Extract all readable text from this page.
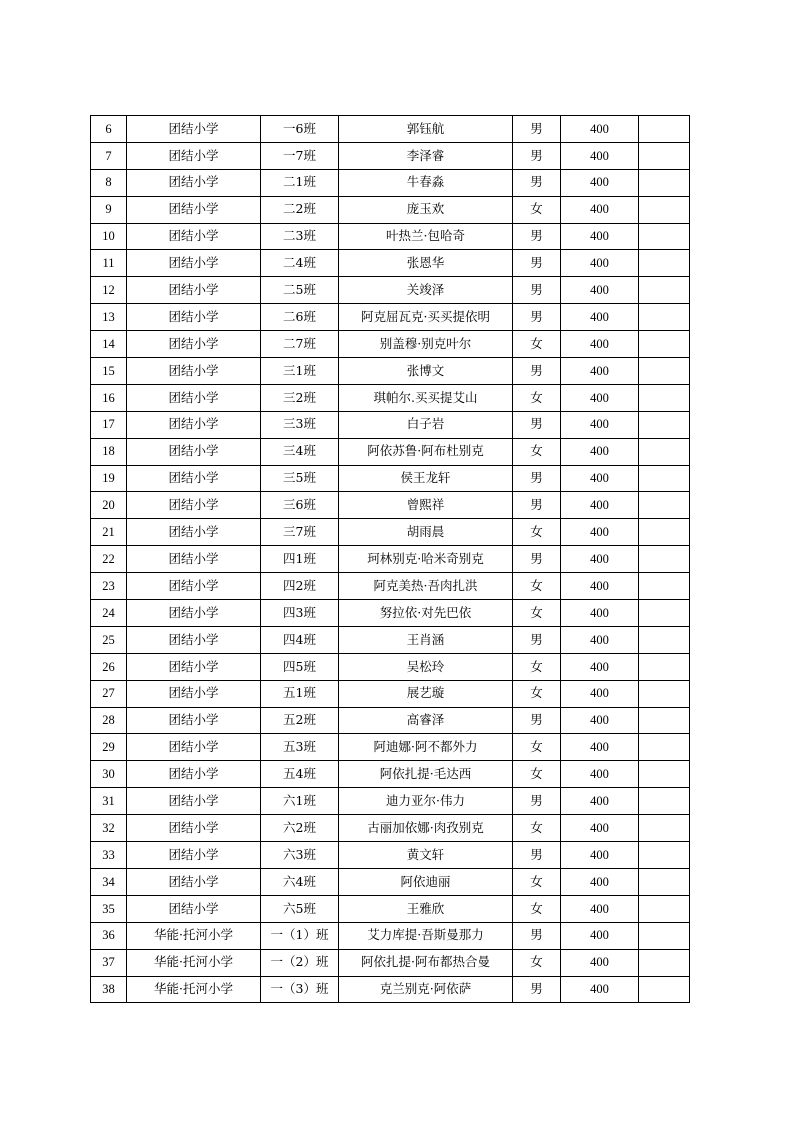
6	团结小学	一6班	郭钰航	男	400	
7	团结小学	一7班	李泽睿	男	400	
8	团结小学	二1班	牛春淼	男	400	
9	团结小学	二2班	庞玉欢	女	400	
10	团结小学	二3班	叶热兰·包哈奇	男	400	
11	团结小学	二4班	张恩华	男	400	
12	团结小学	二5班	关竣泽	男	400	
13	团结小学	二6班	阿克屈瓦克·买买提依明	男	400	
14	团结小学	二7班	别盖穆·别克叶尔	女	400	
15	团结小学	三1班	张博文	男	400	
16	团结小学	三2班	琪帕尔.买买提艾山	女	400	
17	团结小学	三3班	白子岩	男	400	
18	团结小学	三4班	阿依苏鲁·阿布杜别克	女	400	
19	团结小学	三5班	侯王龙轩	男	400	
20	团结小学	三6班	曾熙祥	男	400	
21	团结小学	三7班	胡雨晨	女	400	
22	团结小学	四1班	珂林别克·哈米奇别克	男	400	
23	团结小学	四2班	阿克美热·吾肉扎洪	女	400	
24	团结小学	四3班	努拉依·对先巴依	女	400	
25	团结小学	四4班	王肖涵	男	400	
26	团结小学	四5班	吴松玲	女	400	
27	团结小学	五1班	展艺璇	女	400	
28	团结小学	五2班	高睿泽	男	400	
29	团结小学	五3班	阿迪娜·阿不都外力	女	400	
30	团结小学	五4班	阿依扎提·毛达西	女	400	
31	团结小学	六1班	迪力亚尔·伟力	男	400	
32	团结小学	六2班	古丽加依娜·肉孜别克	女	400	
33	团结小学	六3班	黄文轩	男	400	
34	团结小学	六4班	阿依迪丽	女	400	
35	团结小学	六5班	王雅欣	女	400	
36	华能·托河小学	一（1）班	艾力库提·吾斯曼那力	男	400	
37	华能·托河小学	一（2）班	阿依扎提·阿布都热合曼	女	400	
38	华能·托河小学	一（3）班	克兰别克·阿依萨	男	400	
